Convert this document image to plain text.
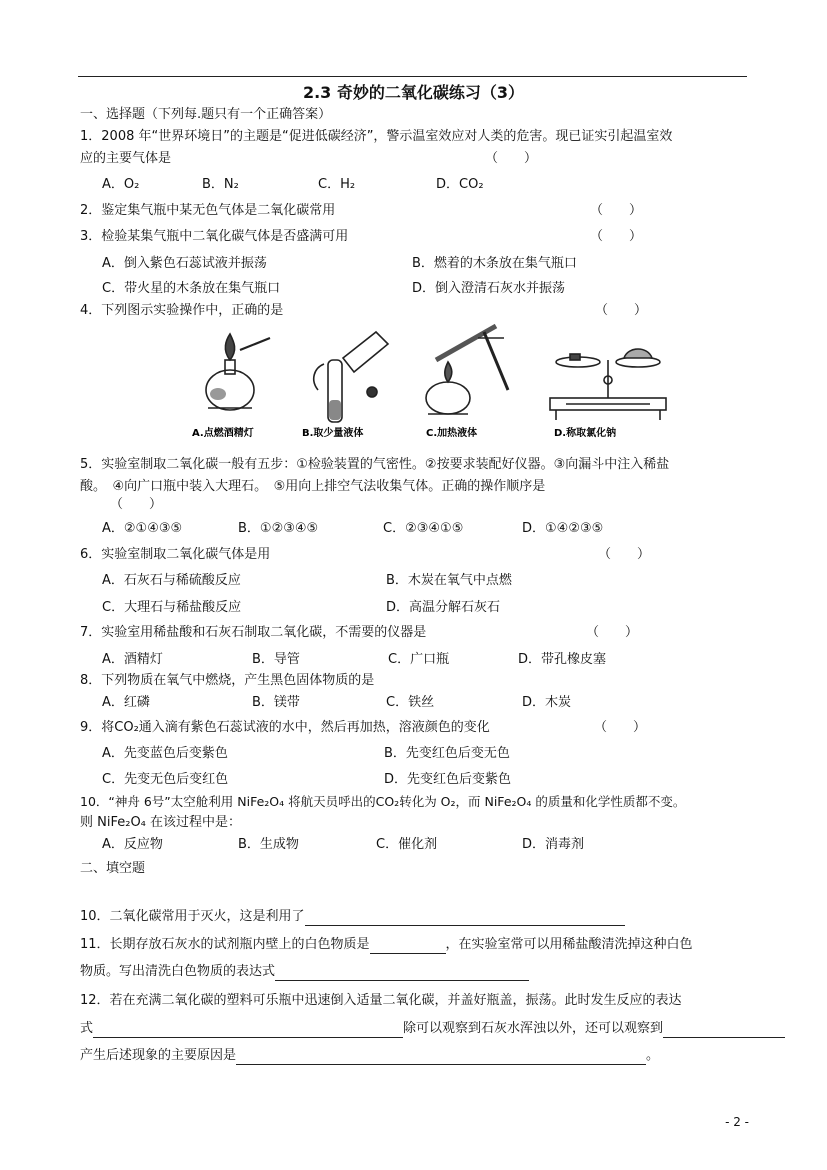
2.3 奇妙的二氧化碳练习（3）
一、选择题（下列每.题只有一个正确答案）
1．2008 年“世界环境日”的主题是“促进低碳经济”，警示温室效应对人类的危害。现已证实引起温室效
应的主要气体是	（　　）
A．O₂	B．N₂	C．H₂	D．CO₂
2．鉴定集气瓶中某无色气体是二氧化碳常用	（　　）
3．检验某集气瓶中二氧化碳气体是否盛满可用	（　　）
A．倒入紫色石蕊试液并振荡	B．燃着的木条放在集气瓶口
C．带火星的木条放在集气瓶口	D．倒入澄清石灰水并振荡
4．下列图示实验操作中，正确的是	（　　）
A.点燃酒精灯	B.取少量液体	C.加热液体	D.称取氯化钠
5．实验室制取二氧化碳一般有五步：①检验装置的气密性。②按要求装配好仪器。③向漏斗中注入稀盐
酸。　④向广口瓶中装入大理石。　⑤用向上排空气法收集气体。正确的操作顺序是
（　　）
A．②①④③⑤	B．①②③④⑤	C．②③④①⑤	D．①④②③⑤
6．实验室制取二氧化碳气体是用	（　　）
A．石灰石与稀硫酸反应	B．木炭在氧气中点燃
C．大理石与稀盐酸反应	D．高温分解石灰石
7．实验室用稀盐酸和石灰石制取二氧化碳，不需要的仪器是	（　　）
A．酒精灯	B．导管	C．广口瓶	D．带孔橡皮塞
8．下列物质在氧气中燃烧，产生黑色固体物质的是
A．红磷	B．镁带	C．铁丝	D．木炭
9．将CO₂通入滴有紫色石蕊试液的水中，然后再加热，溶液颜色的变化	（　　）
A．先变蓝色后变紫色	B．先变红色后变无色
C．先变无色后变红色	D．先变红色后变紫色
10．“神舟 6号”太空舱利用 NiFe₂O₄ 将航天员呼出的CO₂转化为 O₂，而 NiFe₂O₄ 的质量和化学性质都不变。
则 NiFe₂O₄ 在该过程中是：
A．反应物	B．生成物	C．催化剂	D．消毒剂
二、填空题
10．二氧化碳常用于灭火，这是利用了
11．长期存放石灰水的试剂瓶内壁上的白色物质是	，在实验室常可以用稀盐酸清洗掉这种白色
物质。写出清洗白色物质的表达式
12．若在充满二氧化碳的塑料可乐瓶中迅速倒入适量二氧化碳，并盖好瓶盖，振荡。此时发生反应的表达
式	除可以观察到石灰水浑浊以外，还可以观察到
产生后述现象的主要原因是	。
- 2 -
